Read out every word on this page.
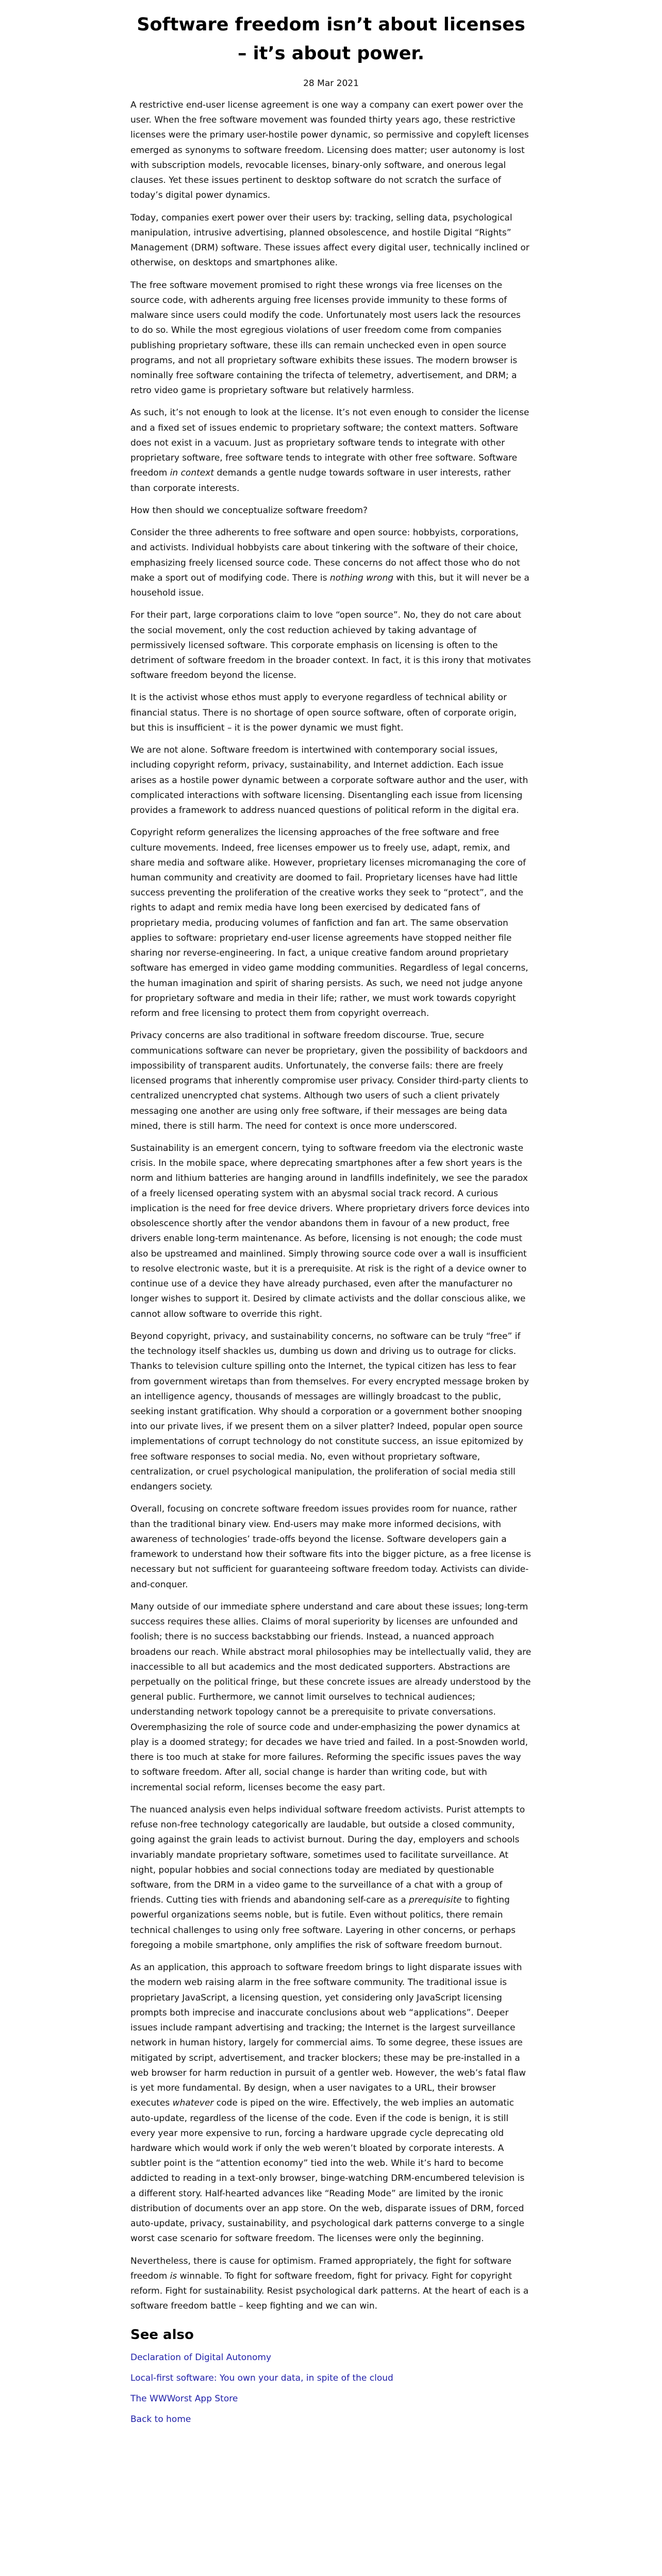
Software freedom isn’t about licenses – it’s about power.
28 Mar 2021

A restrictive end-user license agreement is one way a company can exert power over the user. When the free software movement was founded thirty years ago, these restrictive licenses were the primary user-hostile power dynamic, so permissive and copyleft licenses emerged as synonyms to software freedom. Licensing does matter; user autonomy is lost with subscription models, revocable licenses, binary-only software, and onerous legal clauses. Yet these issues pertinent to desktop software do not scratch the surface of today’s digital power dynamics.

Today, companies exert power over their users by: tracking, selling data, psychological manipulation, intrusive advertising, planned obsolescence, and hostile Digital “Rights” Management (DRM) software. These issues affect every digital user, technically inclined or otherwise, on desktops and smartphones alike.

The free software movement promised to right these wrongs via free licenses on the source code, with adherents arguing free licenses provide immunity to these forms of malware since users could modify the code. Unfortunately most users lack the resources to do so. While the most egregious violations of user freedom come from companies publishing proprietary software, these ills can remain unchecked even in open source programs, and not all proprietary software exhibits these issues. The modern browser is nominally free software containing the trifecta of telemetry, advertisement, and DRM; a retro video game is proprietary software but relatively harmless.

As such, it’s not enough to look at the license. It’s not even enough to consider the license and a fixed set of issues endemic to proprietary software; the context matters. Software does not exist in a vacuum. Just as proprietary software tends to integrate with other proprietary software, free software tends to integrate with other free software. Software freedom in context demands a gentle nudge towards software in user interests, rather than corporate interests.

How then should we conceptualize software freedom?

Consider the three adherents to free software and open source: hobbyists, corporations, and activists. Individual hobbyists care about tinkering with the software of their choice, emphasizing freely licensed source code. These concerns do not affect those who do not make a sport out of modifying code. There is nothing wrong with this, but it will never be a household issue.

For their part, large corporations claim to love “open source”. No, they do not care about the social movement, only the cost reduction achieved by taking advantage of permissively licensed software. This corporate emphasis on licensing is often to the detriment of software freedom in the broader context. In fact, it is this irony that motivates software freedom beyond the license.

It is the activist whose ethos must apply to everyone regardless of technical ability or financial status. There is no shortage of open source software, often of corporate origin, but this is insufficient – it is the power dynamic we must fight.

We are not alone. Software freedom is intertwined with contemporary social issues, including copyright reform, privacy, sustainability, and Internet addiction. Each issue arises as a hostile power dynamic between a corporate software author and the user, with complicated interactions with software licensing. Disentangling each issue from licensing provides a framework to address nuanced questions of political reform in the digital era.

Copyright reform generalizes the licensing approaches of the free software and free culture movements. Indeed, free licenses empower us to freely use, adapt, remix, and share media and software alike. However, proprietary licenses micromanaging the core of human community and creativity are doomed to fail. Proprietary licenses have had little success preventing the proliferation of the creative works they seek to “protect”, and the rights to adapt and remix media have long been exercised by dedicated fans of proprietary media, producing volumes of fanfiction and fan art. The same observation applies to software: proprietary end-user license agreements have stopped neither file sharing nor reverse-engineering. In fact, a unique creative fandom around proprietary software has emerged in video game modding communities. Regardless of legal concerns, the human imagination and spirit of sharing persists. As such, we need not judge anyone for proprietary software and media in their life; rather, we must work towards copyright reform and free licensing to protect them from copyright overreach.

Privacy concerns are also traditional in software freedom discourse. True, secure communications software can never be proprietary, given the possibility of backdoors and impossibility of transparent audits. Unfortunately, the converse fails: there are freely licensed programs that inherently compromise user privacy. Consider third-party clients to centralized unencrypted chat systems. Although two users of such a client privately messaging one another are using only free software, if their messages are being data mined, there is still harm. The need for context is once more underscored.

Sustainability is an emergent concern, tying to software freedom via the electronic waste crisis. In the mobile space, where deprecating smartphones after a few short years is the norm and lithium batteries are hanging around in landfills indefinitely, we see the paradox of a freely licensed operating system with an abysmal social track record. A curious implication is the need for free device drivers. Where proprietary drivers force devices into obsolescence shortly after the vendor abandons them in favour of a new product, free drivers enable long-term maintenance. As before, licensing is not enough; the code must also be upstreamed and mainlined. Simply throwing source code over a wall is insufficient to resolve electronic waste, but it is a prerequisite. At risk is the right of a device owner to continue use of a device they have already purchased, even after the manufacturer no longer wishes to support it. Desired by climate activists and the dollar conscious alike, we cannot allow software to override this right.

Beyond copyright, privacy, and sustainability concerns, no software can be truly “free” if the technology itself shackles us, dumbing us down and driving us to outrage for clicks. Thanks to television culture spilling onto the Internet, the typical citizen has less to fear from government wiretaps than from themselves. For every encrypted message broken by an intelligence agency, thousands of messages are willingly broadcast to the public, seeking instant gratification. Why should a corporation or a government bother snooping into our private lives, if we present them on a silver platter? Indeed, popular open source implementations of corrupt technology do not constitute success, an issue epitomized by free software responses to social media. No, even without proprietary software, centralization, or cruel psychological manipulation, the proliferation of social media still endangers society.

Overall, focusing on concrete software freedom issues provides room for nuance, rather than the traditional binary view. End-users may make more informed decisions, with awareness of technologies’ trade-offs beyond the license. Software developers gain a framework to understand how their software fits into the bigger picture, as a free license is necessary but not sufficient for guaranteeing software freedom today. Activists can divide-and-conquer.

Many outside of our immediate sphere understand and care about these issues; long-term success requires these allies. Claims of moral superiority by licenses are unfounded and foolish; there is no success backstabbing our friends. Instead, a nuanced approach broadens our reach. While abstract moral philosophies may be intellectually valid, they are inaccessible to all but academics and the most dedicated supporters. Abstractions are perpetually on the political fringe, but these concrete issues are already understood by the general public. Furthermore, we cannot limit ourselves to technical audiences; understanding network topology cannot be a prerequisite to private conversations. Overemphasizing the role of source code and under-emphasizing the power dynamics at play is a doomed strategy; for decades we have tried and failed. In a post-Snowden world, there is too much at stake for more failures. Reforming the specific issues paves the way to software freedom. After all, social change is harder than writing code, but with incremental social reform, licenses become the easy part.

The nuanced analysis even helps individual software freedom activists. Purist attempts to refuse non-free technology categorically are laudable, but outside a closed community, going against the grain leads to activist burnout. During the day, employers and schools invariably mandate proprietary software, sometimes used to facilitate surveillance. At night, popular hobbies and social connections today are mediated by questionable software, from the DRM in a video game to the surveillance of a chat with a group of friends. Cutting ties with friends and abandoning self-care as a prerequisite to fighting powerful organizations seems noble, but is futile. Even without politics, there remain technical challenges to using only free software. Layering in other concerns, or perhaps foregoing a mobile smartphone, only amplifies the risk of software freedom burnout.

As an application, this approach to software freedom brings to light disparate issues with the modern web raising alarm in the free software community. The traditional issue is proprietary JavaScript, a licensing question, yet considering only JavaScript licensing prompts both imprecise and inaccurate conclusions about web “applications”. Deeper issues include rampant advertising and tracking; the Internet is the largest surveillance network in human history, largely for commercial aims. To some degree, these issues are mitigated by script, advertisement, and tracker blockers; these may be pre-installed in a web browser for harm reduction in pursuit of a gentler web. However, the web’s fatal flaw is yet more fundamental. By design, when a user navigates to a URL, their browser executes whatever code is piped on the wire. Effectively, the web implies an automatic auto-update, regardless of the license of the code. Even if the code is benign, it is still every year more expensive to run, forcing a hardware upgrade cycle deprecating old hardware which would work if only the web weren’t bloated by corporate interests. A subtler point is the “attention economy” tied into the web. While it’s hard to become addicted to reading in a text-only browser, binge-watching DRM-encumbered television is a different story. Half-hearted advances like “Reading Mode” are limited by the ironic distribution of documents over an app store. On the web, disparate issues of DRM, forced auto-update, privacy, sustainability, and psychological dark patterns converge to a single worst case scenario for software freedom. The licenses were only the beginning.

Nevertheless, there is cause for optimism. Framed appropriately, the fight for software freedom is winnable. To fight for software freedom, fight for privacy. Fight for copyright reform. Fight for sustainability. Resist psychological dark patterns. At the heart of each is a software freedom battle – keep fighting and we can win.

See also
Declaration of Digital Autonomy
Local-first software: You own your data, in spite of the cloud
The WWWorst App Store
Back to home
